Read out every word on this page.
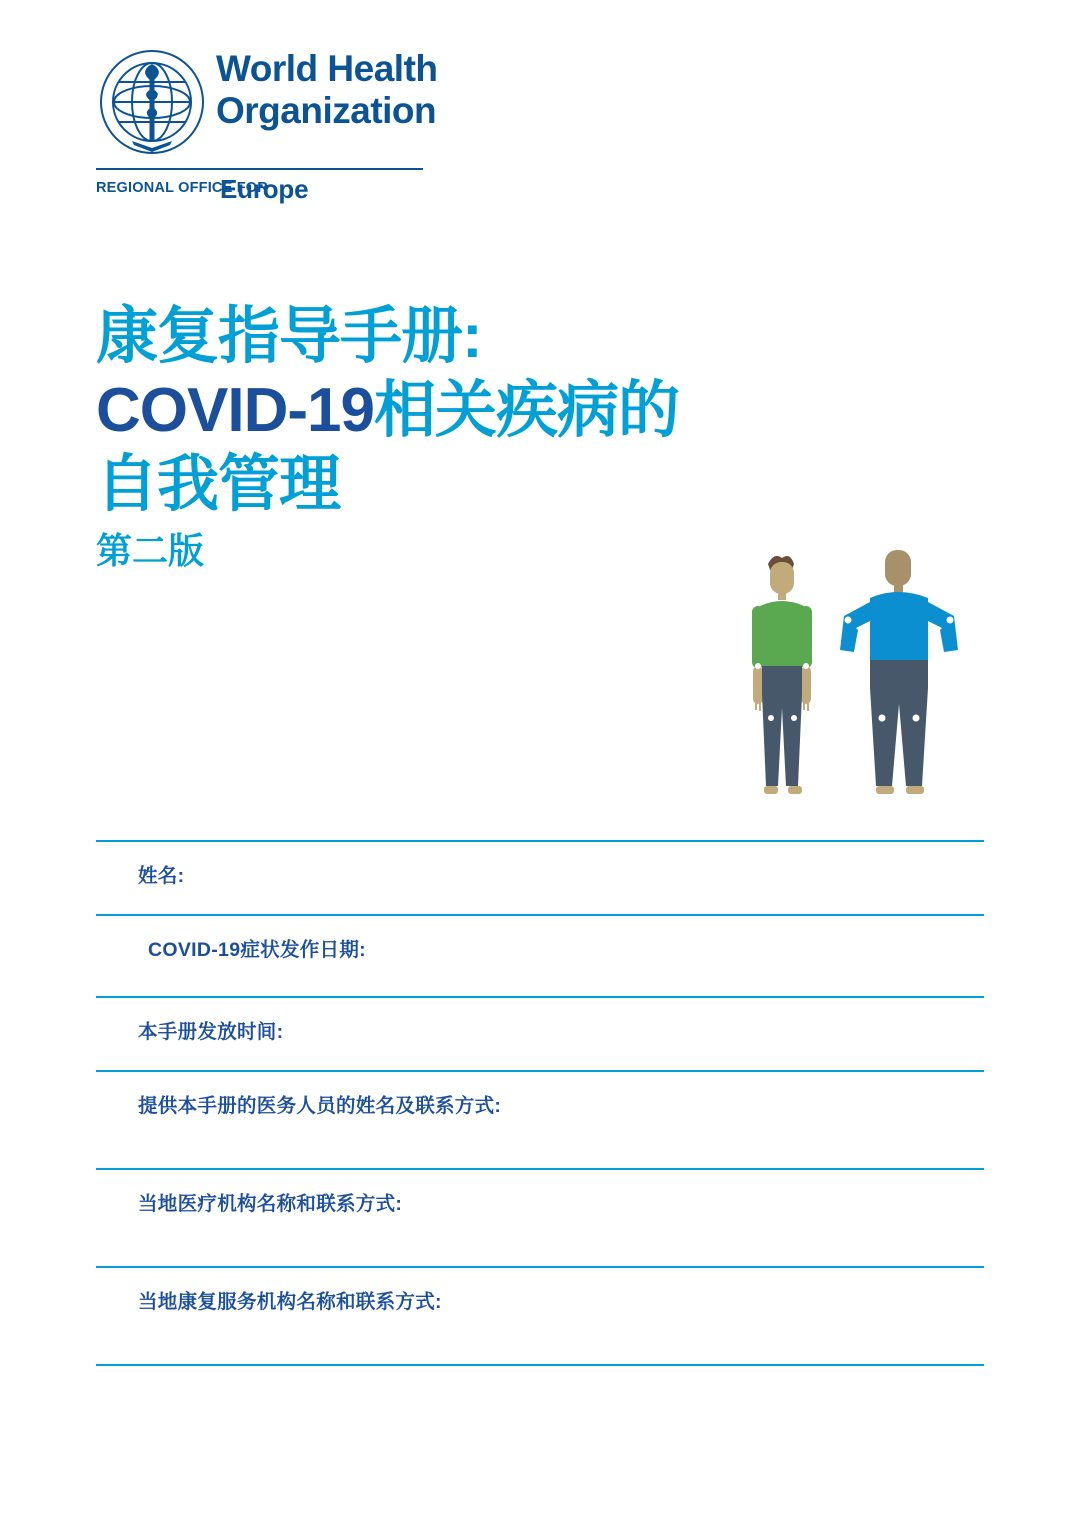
World Health
Organization
REGIONAL OFFICE FOR
Europe
康复指导手册:
COVID-19相关疾病的
自我管理
第二版
姓名:
COVID-19症状发作日期:
本手册发放时间:
提供本手册的医务人员的姓名及联系方式:
当地医疗机构名称和联系方式:
当地康复服务机构名称和联系方式:
